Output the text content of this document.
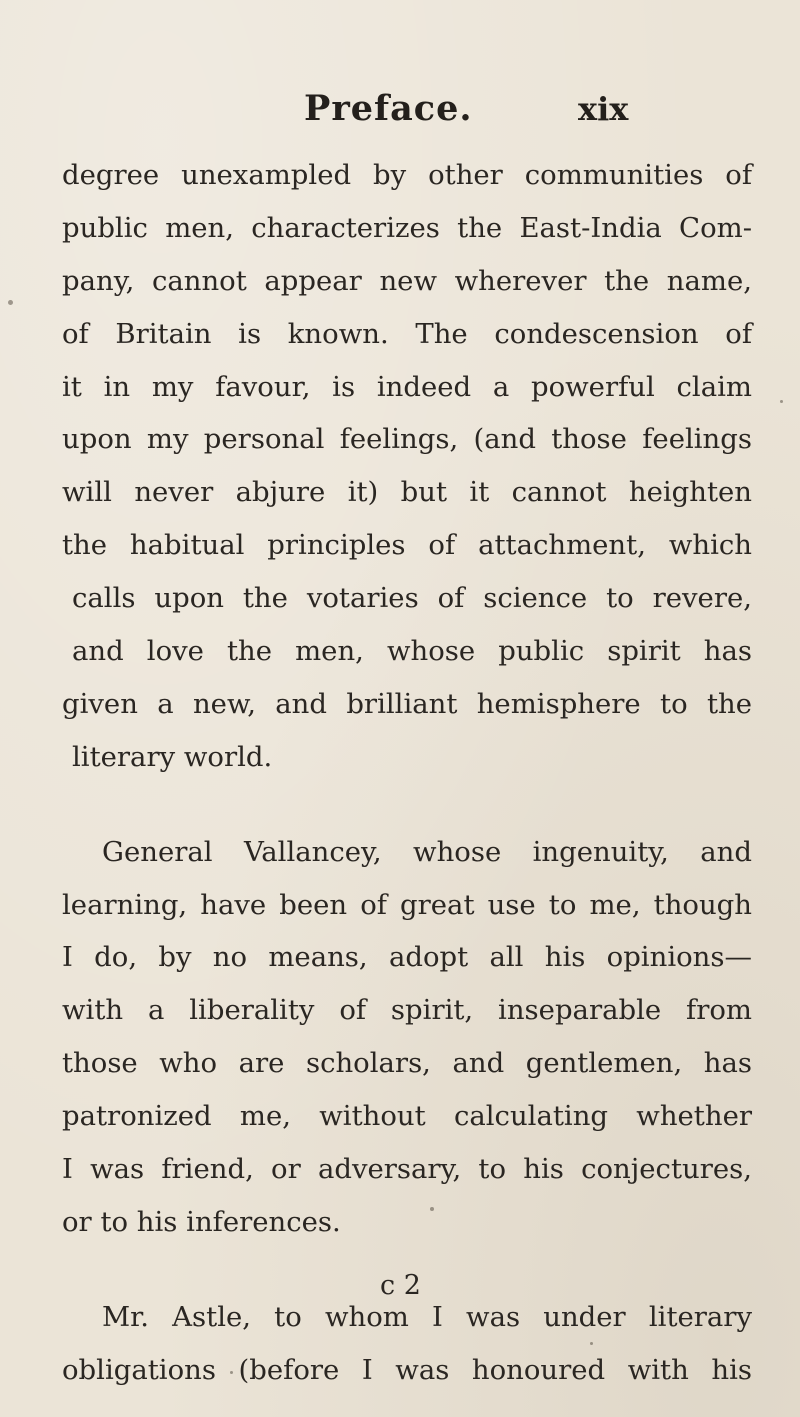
Preface.	xix
degree unexampled by other communities of
public men, characterizes the East-India Com-
pany, cannot appear new wherever the name,
of Britain is known. The condescension of
it in my favour, is indeed a powerful claim
upon my personal feelings, (and those feelings
will never abjure it) but it cannot heighten
the habitual principles of attachment, which
calls upon the votaries of science to revere,
and love the men, whose public spirit has
given a new, and brilliant hemisphere to the
literary world.
General Vallancey, whose ingenuity, and
learning, have been of great use to me, though
I do, by no means, adopt all his opinions—
with a liberality of spirit, inseparable from
those who are scholars, and gentlemen, has
patronized me, without calculating whether
I was friend, or adversary, to his conjectures,
or to his inferences.
Mr. Astle, to whom I was under literary
obligations (before I was honoured with his
c 2
